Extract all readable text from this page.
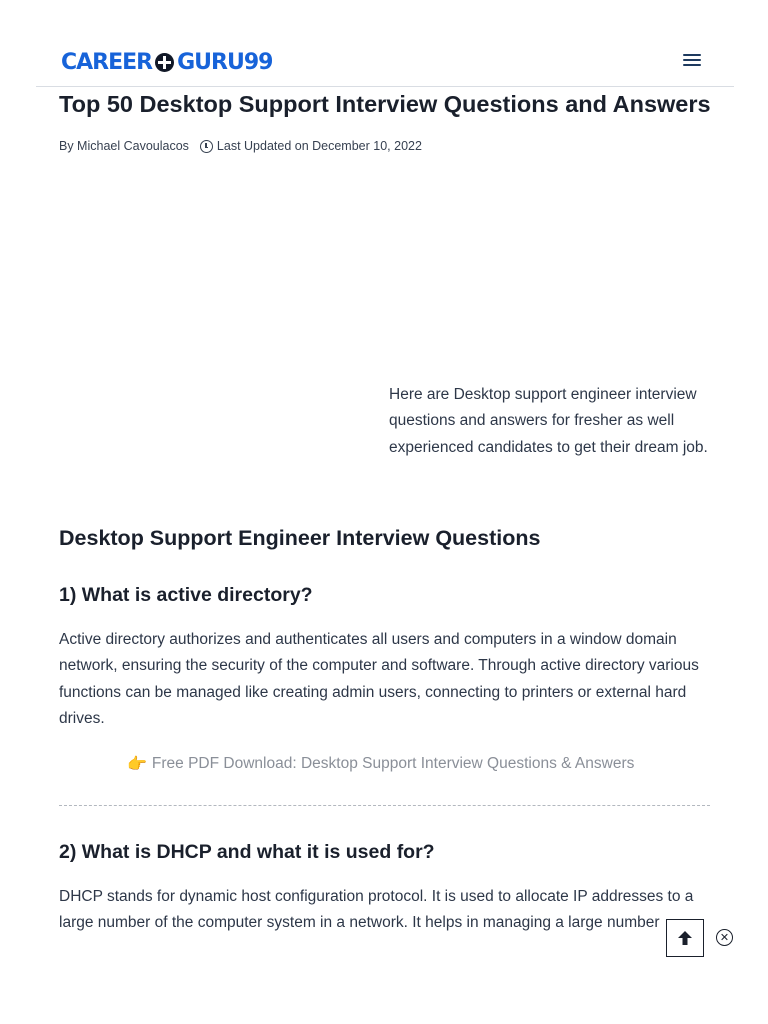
CAREER GURU99
Top 50 Desktop Support Interview Questions and Answers
By Michael Cavoulacos Last Updated on December 10, 2022
Here are Desktop support engineer interview questions and answers for fresher as well experienced candidates to get their dream job.
Desktop Support Engineer Interview Questions
1) What is active directory?

Active directory authorizes and authenticates all users and computers in a window domain network, ensuring the security of the computer and software. Through active directory various functions can be managed like creating admin users, connecting to printers or external hard drives.

👉 Free PDF Download: Desktop Support Interview Questions & Answers
2) What is DHCP and what it is used for?

DHCP stands for dynamic host configuration protocol. It is used to allocate IP addresses to a large number of the computer system in a network. It helps in managing a large number

✕
